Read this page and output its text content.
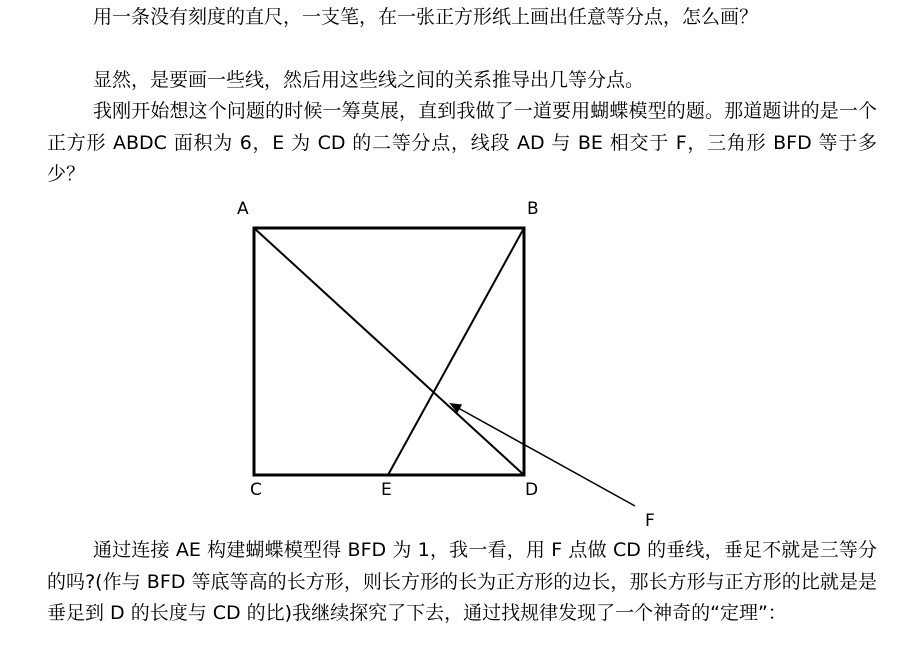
用一条没有刻度的直尺，一支笔，在一张正方形纸上画出任意等分点，怎么画？

显然，是要画一些线，然后用这些线之间的关系推导出几等分点。

我刚开始想这个问题的时候一筹莫展，直到我做了一道要用蝴蝶模型的题。那道题讲的是一个正方形 ABDC 面积为 6，E 为 CD 的二等分点，线段 AD 与 BE 相交于 F，三角形 BFD 等于多少？

A	B
C	E	D
F

通过连接 AE 构建蝴蝶模型得 BFD 为 1，我一看，用 F 点做 CD 的垂线，垂足不就是三等分的吗?(作与 BFD 等底等高的长方形，则长方形的长为正方形的边长，那长方形与正方形的比就是是垂足到 D 的长度与 CD 的比)我继续探究了下去，通过找规律发现了一个神奇的“定理”：
